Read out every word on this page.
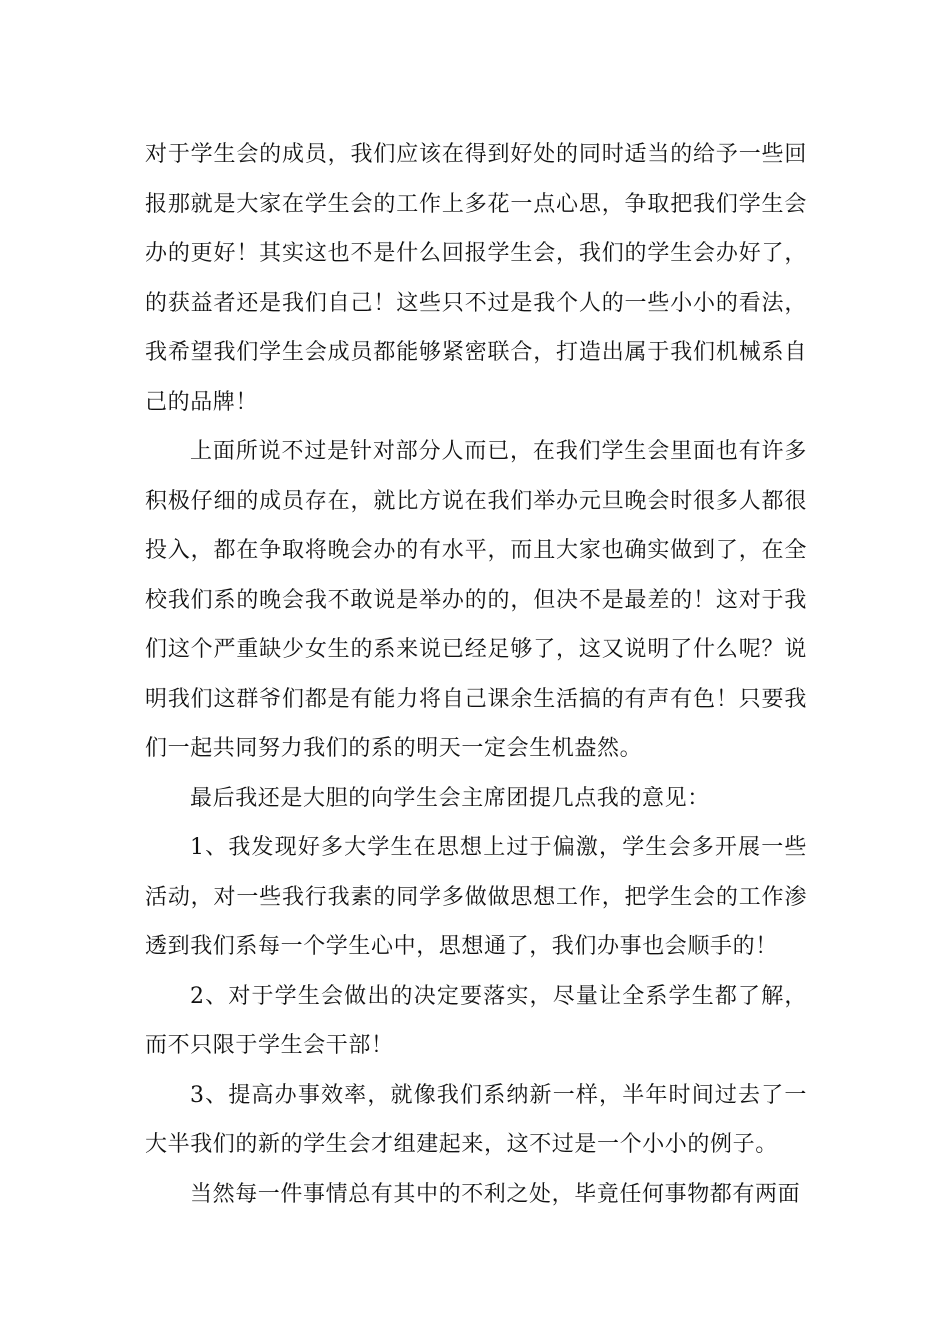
对于学生会的成员，我们应该在得到好处的同时适当的给予一些回报那就是大家在学生会的工作上多花一点心思，争取把我们学生会办的更好！其实这也不是什么回报学生会，我们的学生会办好了，的获益者还是我们自己！这些只不过是我个人的一些小小的看法，我希望我们学生会成员都能够紧密联合，打造出属于我们机械系自己的品牌！

上面所说不过是针对部分人而已，在我们学生会里面也有许多积极仔细的成员存在，就比方说在我们举办元旦晚会时很多人都很投入，都在争取将晚会办的有水平，而且大家也确实做到了，在全校我们系的晚会我不敢说是举办的的，但决不是最差的！这对于我们这个严重缺少女生的系来说已经足够了，这又说明了什么呢？说明我们这群爷们都是有能力将自己课余生活搞的有声有色！只要我们一起共同努力我们的系的明天一定会生机盎然。

最后我还是大胆的向学生会主席团提几点我的意见：

1、我发现好多大学生在思想上过于偏激，学生会多开展一些活动，对一些我行我素的同学多做做思想工作，把学生会的工作渗透到我们系每一个学生心中，思想通了，我们办事也会顺手的！

2、对于学生会做出的决定要落实，尽量让全系学生都了解，而不只限于学生会干部！

3、提高办事效率，就像我们系纳新一样，半年时间过去了一大半我们的新的学生会才组建起来，这不过是一个小小的例子。

当然每一件事情总有其中的不利之处，毕竟任何事物都有两面
